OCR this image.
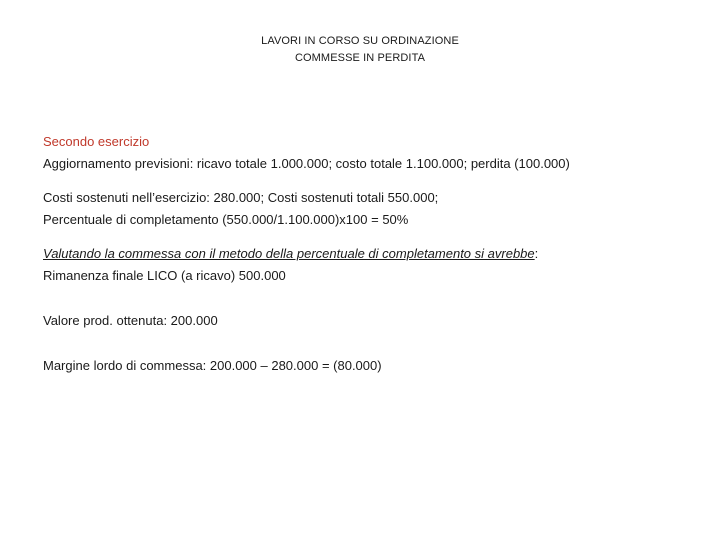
LAVORI IN CORSO SU ORDINAZIONE
COMMESSE IN PERDITA
Secondo esercizio
Aggiornamento previsioni: ricavo totale 1.000.000; costo totale 1.100.000; perdita (100.000)
Costi sostenuti nell’esercizio: 280.000; Costi sostenuti totali 550.000;
Percentuale di completamento (550.000/1.100.000)x100 = 50%
Valutando la commessa con il metodo della percentuale di completamento si avrebbe:
Rimanenza finale LICO (a ricavo) 500.000
Valore prod. ottenuta: 200.000
Margine lordo di commessa: 200.000 – 280.000 = (80.000)
